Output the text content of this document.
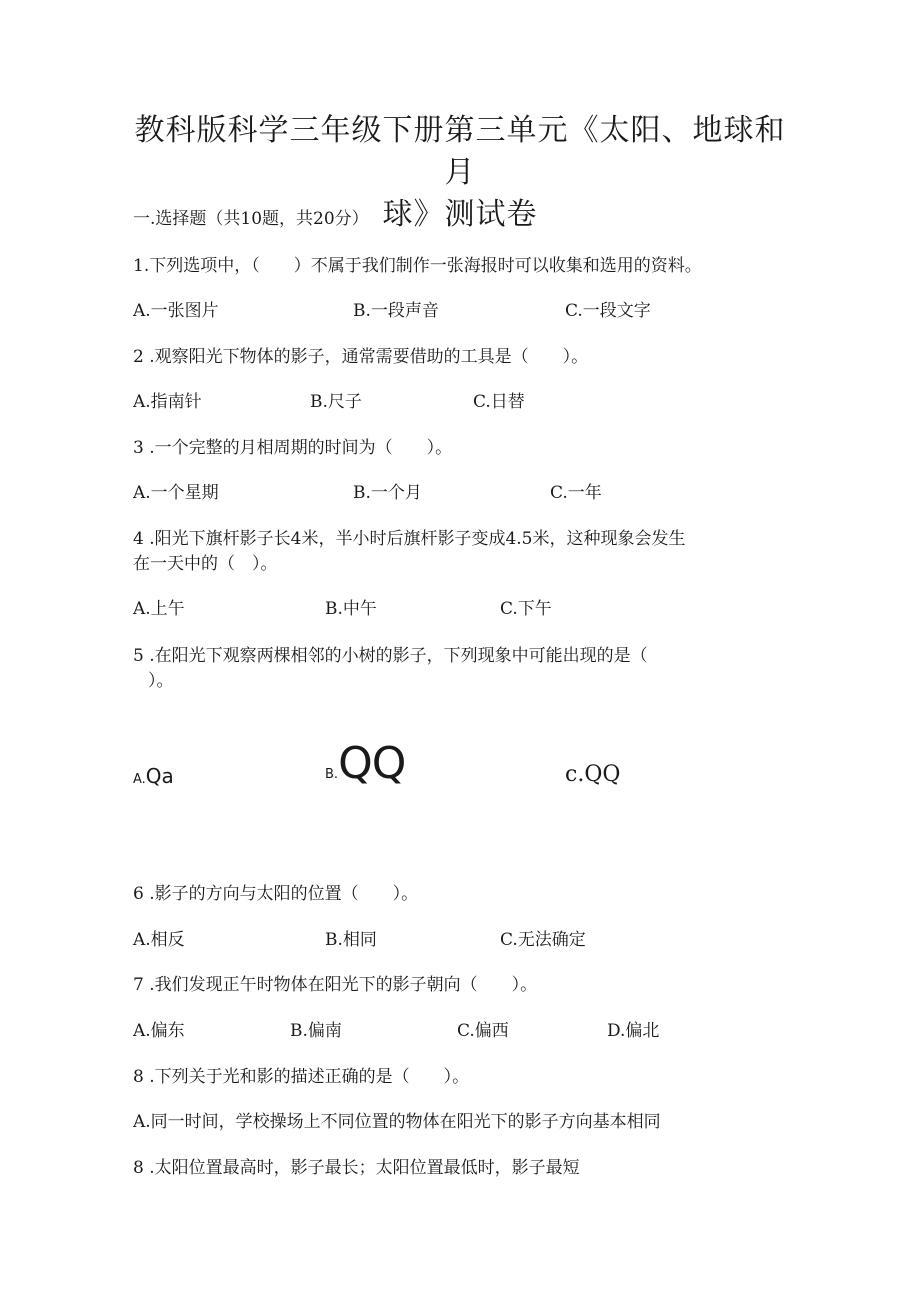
教科版科学三年级下册第三单元《太阳、地球和月
球》测试卷
一.选择题（共10题，共20分）
1.下列选项中，（　　）不属于我们制作一张海报时可以收集和选用的资料。
A.一张图片	B.一段声音	C.一段文字
2 .观察阳光下物体的影子，通常需要借助的工具是（　　）。
A.指南针	B.尺子	C.日替
3 .一个完整的月相周期的时间为（　　）。
A.一个星期	B.一个月	C.一年
4 .阳光下旗杆影子长4米，半小时后旗杆影子变成4.5米，这种现象会发生
在一天中的（　）。
A.上午	B.中午	C.下午
5 .在阳光下观察两棵相邻的小树的影子，下列现象中可能出现的是（
）。
A.Qa	B.QQ	c.QQ
6 .影子的方向与太阳的位置（　　）。
A.相反	B.相同	C.无法确定
7 .我们发现正午时物体在阳光下的影子朝向（　　）。
A.偏东	B.偏南	C.偏西	D.偏北
8 .下列关于光和影的描述正确的是（　　）。
A.同一时间，学校操场上不同位置的物体在阳光下的影子方向基本相同
8 .太阳位置最高时，影子最长；太阳位置最低时，影子最短
